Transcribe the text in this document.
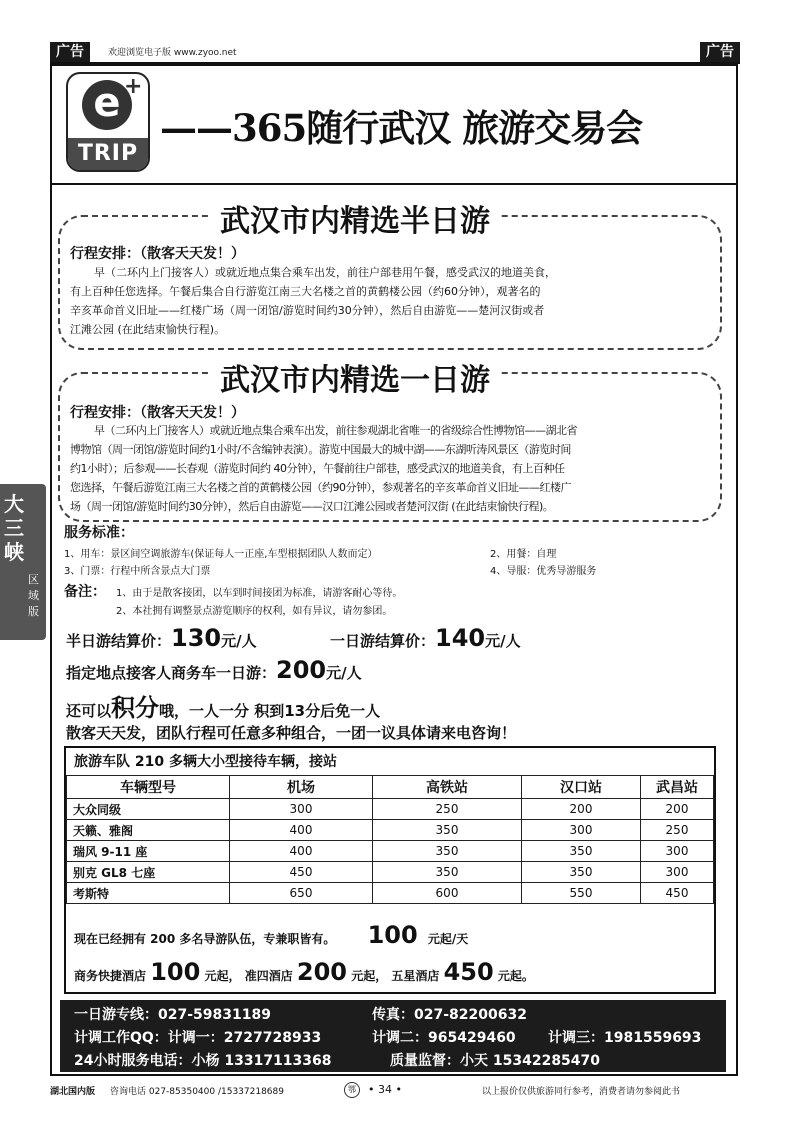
广告	欢迎浏览电子版 www.zyoo.net	广告
e +
TRIP
——365随行武汉 旅游交易会
武汉市内精选半日游
行程安排：（散客天天发！）
早（二环内上门接客人）或就近地点集合乘车出发，前往户部巷用午餐，感受武汉的地道美食，
有上百种任您选择。午餐后集合自行游览江南三大名楼之首的黄鹤楼公园（约60分钟），观著名的
辛亥革命首义旧址——红楼广场（周一闭馆/游览时间约30分钟），然后自由游览——楚河汉街或者
江滩公园 (在此结束愉快行程)。
武汉市内精选一日游
行程安排：（散客天天发！）
早（二环内上门接客人）或就近地点集合乘车出发，前往参观湖北省唯一的省级综合性博物馆——湖北省
博物馆（周一闭馆/游览时间约1小时/不含编钟表演）。游览中国最大的城中湖——东湖听涛风景区（游览时间
约1小时）；后参观——长春观（游览时间约 40分钟），午餐前往户部巷，感受武汉的地道美食，有上百种任
您选择，午餐后游览江南三大名楼之首的黄鹤楼公园（约90分钟），参观著名的辛亥革命首义旧址——红楼广
场（周一闭馆/游览时间约30分钟），然后自由游览——汉口江滩公园或者楚河汉街 (在此结束愉快行程)。
服务标准：
1、用车：景区间空调旅游车(保证每人一正座,车型根据团队人数而定）	2、用餐：自理
3、门票：行程中所含景点大门票	4、导服：优秀导游服务
备注： 1、由于是散客接团，以车到时间接团为标准，请游客耐心等待。
2、本社拥有调整景点游览顺序的权利，如有异议，请勿参团。
半日游结算价：130元/人	一日游结算价：140元/人
指定地点接客人商务车一日游：200元/人
还可以积分哦，一人一分 积到13分后免一人
散客天天发，团队行程可任意多种组合，一团一议具体请来电咨询！
旅游车队 210 多辆大小型接待车辆，接站
车辆型号	机场	高铁站	汉口站	武昌站
大众同级	300	250	200	200
天籁、雅阁	400	350	300	250
瑞风 9-11 座	400	350	350	300
别克 GL8 七座	450	350	350	300
考斯特	650	600	550	450
现在已经拥有 200 多名导游队伍，专兼职皆有。 100 元起/天
商务快捷酒店 100 元起， 准四酒店 200 元起， 五星酒店 450 元起。
一日游专线：027-59831189	传真：027-82200632
计调工作QQ：计调一：2727728933	计调二：965429460 计调三：1981559693
24小时服务电话：小杨 13317113368	质量监督：小天 15342285470
湖北国内版 咨询电话 027-85350400 /15337218689	鄂	• 34 •	以上报价仅供旅游同行参考，消费者请勿参阅此书
大三峡
区域版
